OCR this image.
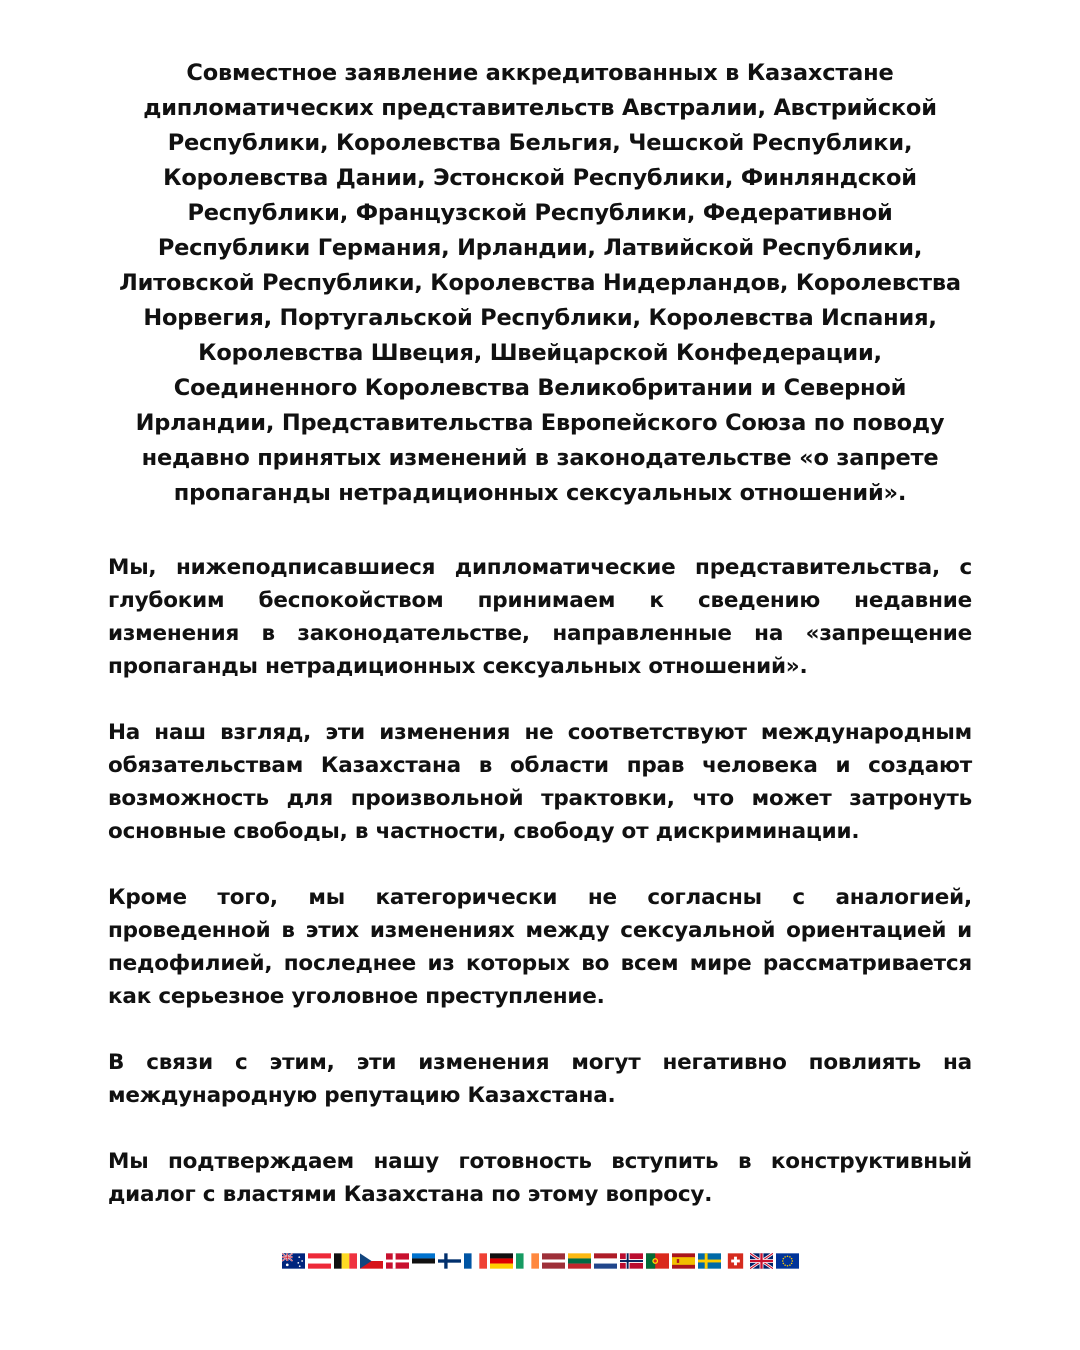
Совместное заявление аккредитованных в Казахстане дипломатических представительств Австралии, Австрийской Республики, Королевства Бельгия, Чешской Республики, Королевства Дании, Эстонской Республики, Финляндской Республики, Французской Республики, Федеративной Республики Германия, Ирландии, Латвийской Республики, Литовской Республики, Королевства Нидерландов, Королевства Норвегия, Португальской Республики, Королевства Испания, Королевства Швеция, Швейцарской Конфедерации, Соединенного Королевства Великобритании и Северной Ирландии, Представительства Европейского Союза по поводу недавно принятых изменений в законодательстве «о запрете пропаганды нетрадиционных сексуальных отношений».

Мы, нижеподписавшиеся дипломатические представительства, с глубоким беспокойством принимаем к сведению недавние изменения в законодательстве, направленные на «запрещение пропаганды нетрадиционных сексуальных отношений».

На наш взгляд, эти изменения не соответствуют международным обязательствам Казахстана в области прав человека и создают возможность для произвольной трактовки, что может затронуть основные свободы, в частности, свободу от дискриминации.

Кроме того, мы категорически не согласны с аналогией, проведенной в этих изменениях между сексуальной ориентацией и педофилией, последнее из которых во всем мире рассматривается как серьезное уголовное преступление.

В связи с этим, эти изменения могут негативно повлиять на международную репутацию Казахстана.

Мы подтверждаем нашу готовность вступить в конструктивный диалог с властями Казахстана по этому вопросу.
